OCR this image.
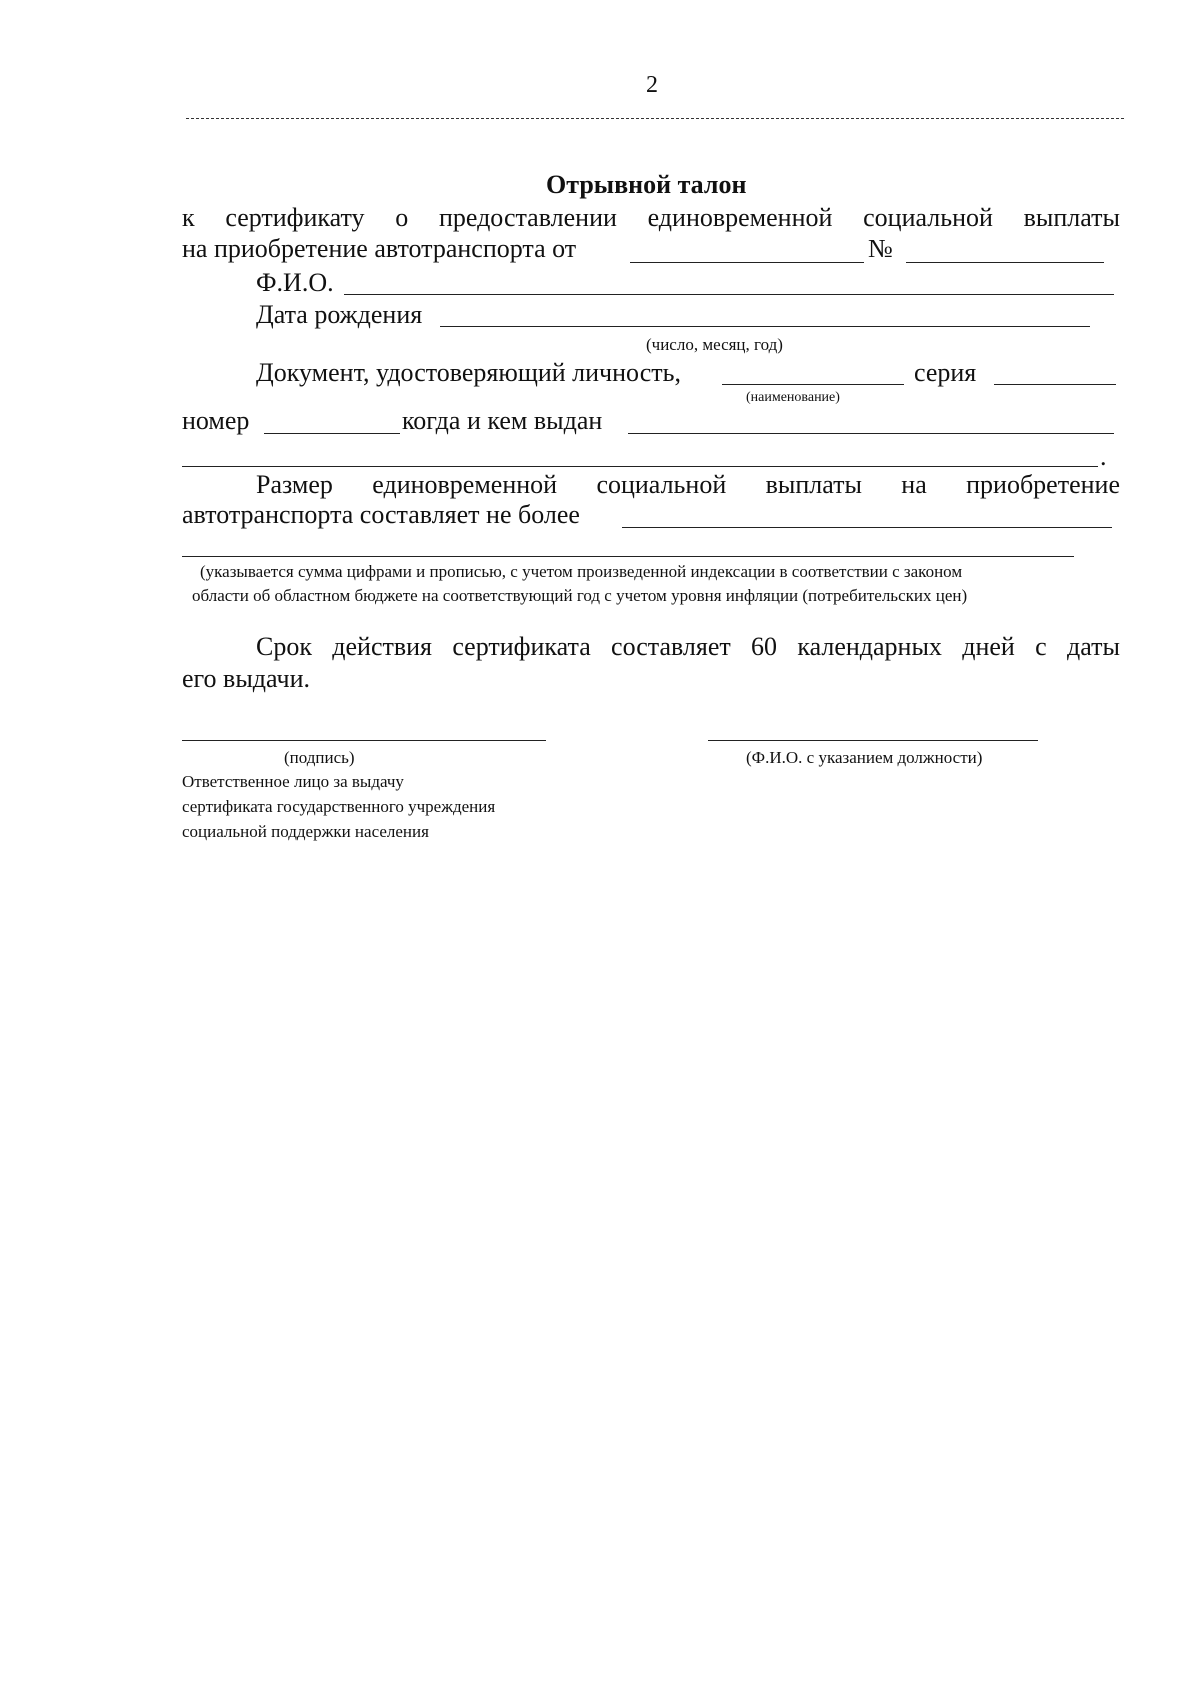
2
Отрывной талон
к сертификату о предоставлении единовременной социальной выплаты
на приобретение автотранспорта от	№
Ф.И.О.
Дата рождения
(число, месяц, год)
Документ, удостоверяющий личность,	серия
(наименование)
номер	когда и кем выдан
.
Размер единовременной социальной выплаты на приобретение
автотранспорта составляет не более
(указывается сумма цифрами и прописью, с учетом произведенной индексации в соответствии с законом
области об областном бюджете на соответствующий год с учетом уровня инфляции (потребительских цен)
Срок действия сертификата составляет 60 календарных дней с даты
его выдачи.
(подпись)	(Ф.И.О. с указанием должности)
Ответственное лицо за выдачу
сертификата государственного учреждения
социальной поддержки населения
